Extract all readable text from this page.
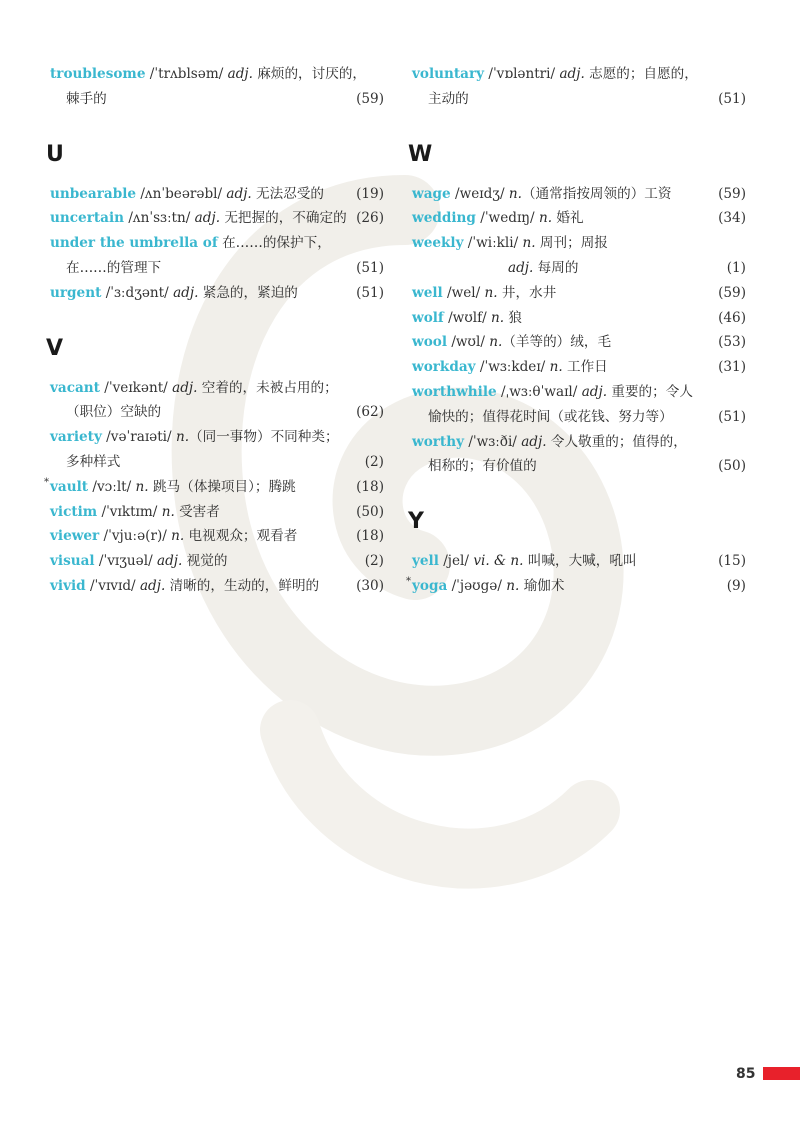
troublesome /ˈtrʌblsəm/ adj. 麻烦的，讨厌的，
棘手的	(59)
U
unbearable /ʌnˈbeərəbl/ adj. 无法忍受的 (19)
uncertain /ʌnˈsɜːtn/ adj. 无把握的，不确定的 (26)
under the umbrella of 在……的保护下，
在……的管理下	(51)
urgent /ˈɜːdʒənt/ adj. 紧急的，紧迫的	(51)
V
vacant /ˈveɪkənt/ adj. 空着的，未被占用的；
（职位）空缺的	(62)
variety /vəˈraɪəti/ n.（同一事物）不同种类；
多种样式	(2)
* vault /vɔːlt/ n. 跳马（体操项目）；腾跳	(18)
victim /ˈvɪktɪm/ n. 受害者	(50)
viewer /ˈvjuːə(r)/ n. 电视观众；观看者	(18)
visual /ˈvɪʒuəl/ adj. 视觉的	(2)
vivid /ˈvɪvɪd/ adj. 清晰的，生动的，鲜明的	(30)
voluntary /ˈvɒləntri/ adj. 志愿的；自愿的，
主动的	(51)
W
wage /weɪdʒ/ n.（通常指按周领的）工资	(59)
wedding /ˈwedɪŋ/ n. 婚礼	(34)
weekly /ˈwiːkli/ n. 周刊；周报
adj. 每周的	(1)
well /wel/ n. 井，水井	(59)
wolf /wʊlf/ n. 狼	(46)
wool /wʊl/ n.（羊等的）绒，毛	(53)
workday /ˈwɜːkdeɪ/ n. 工作日	(31)
worthwhile /ˌwɜːθˈwaɪl/ adj. 重要的；令人
愉快的；值得花时间（或花钱、努力等）	(51)
worthy /ˈwɜːði/ adj. 令人敬重的；值得的，
相称的；有价值的	(50)
Y
yell /jel/ vi. & n. 叫喊，大喊，吼叫	(15)
* yoga /ˈjəʊgə/ n. 瑜伽术	(9)
85
